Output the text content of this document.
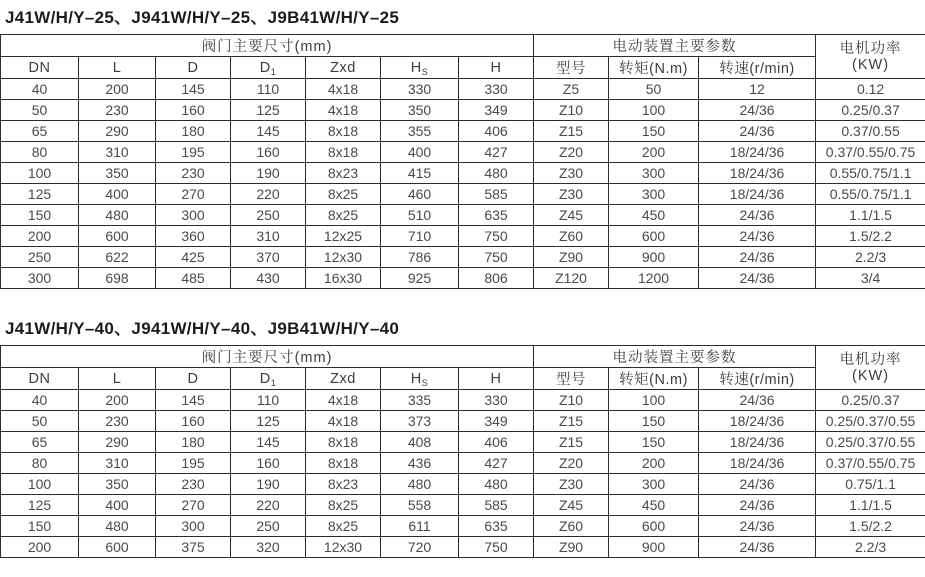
J41W/H/Y–25、J941W/H/Y–25、J9B41W/H/Y–25
阀门主要尺寸(mm)							电动装置主要参数			电机功率
(KW)

DN	L	D	$D_1$	Zxd	$H_S$	H	型号	转矩(N.m)	转速(r/min)	
40	200	145	110	4x18	330	330	Z5	50	12	0.12
50	230	160	125	4x18	350	349	Z10	100	24/36	0.25/0.37
65	290	180	145	8x18	355	406	Z15	150	24/36	0.37/0.55
80	310	195	160	8x18	400	427	Z20	200	18/24/36	0.37/0.55/0.75
100	350	230	190	8x23	415	480	Z30	300	18/24/36	0.55/0.75/1.1
125	400	270	220	8x25	460	585	Z30	300	18/24/36	0.55/0.75/1.1
150	480	300	250	8x25	510	635	Z45	450	24/36	1.1/1.5
200	600	360	310	12x25	710	750	Z60	600	24/36	1.5/2.2
250	622	425	370	12x30	786	750	Z90	900	24/36	2.2/3
300	698	485	430	16x30	925	806	Z120	1200	24/36	3/4
J41W/H/Y–40、J941W/H/Y–40、J9B41W/H/Y–40
阀门主要尺寸(mm)							电动装置主要参数			电机功率
(KW)

DN	L	D	$D_1$	Zxd	$H_S$	H	型号	转矩(N.m)	转速(r/min)	
40	200	145	110	4x18	335	330	Z10	100	24/36	0.25/0.37
50	230	160	125	4x18	373	349	Z15	150	18/24/36	0.25/0.37/0.55
65	290	180	145	8x18	408	406	Z15	150	18/24/36	0.25/0.37/0.55
80	310	195	160	8x18	436	427	Z20	200	18/24/36	0.37/0.55/0.75
100	350	230	190	8x23	480	480	Z30	300	24/36	0.75/1.1
125	400	270	220	8x25	558	585	Z45	450	24/36	1.1/1.5
150	480	300	250	8x25	611	635	Z60	600	24/36	1.5/2.2
200	600	375	320	12x30	720	750	Z90	900	24/36	2.2/3
